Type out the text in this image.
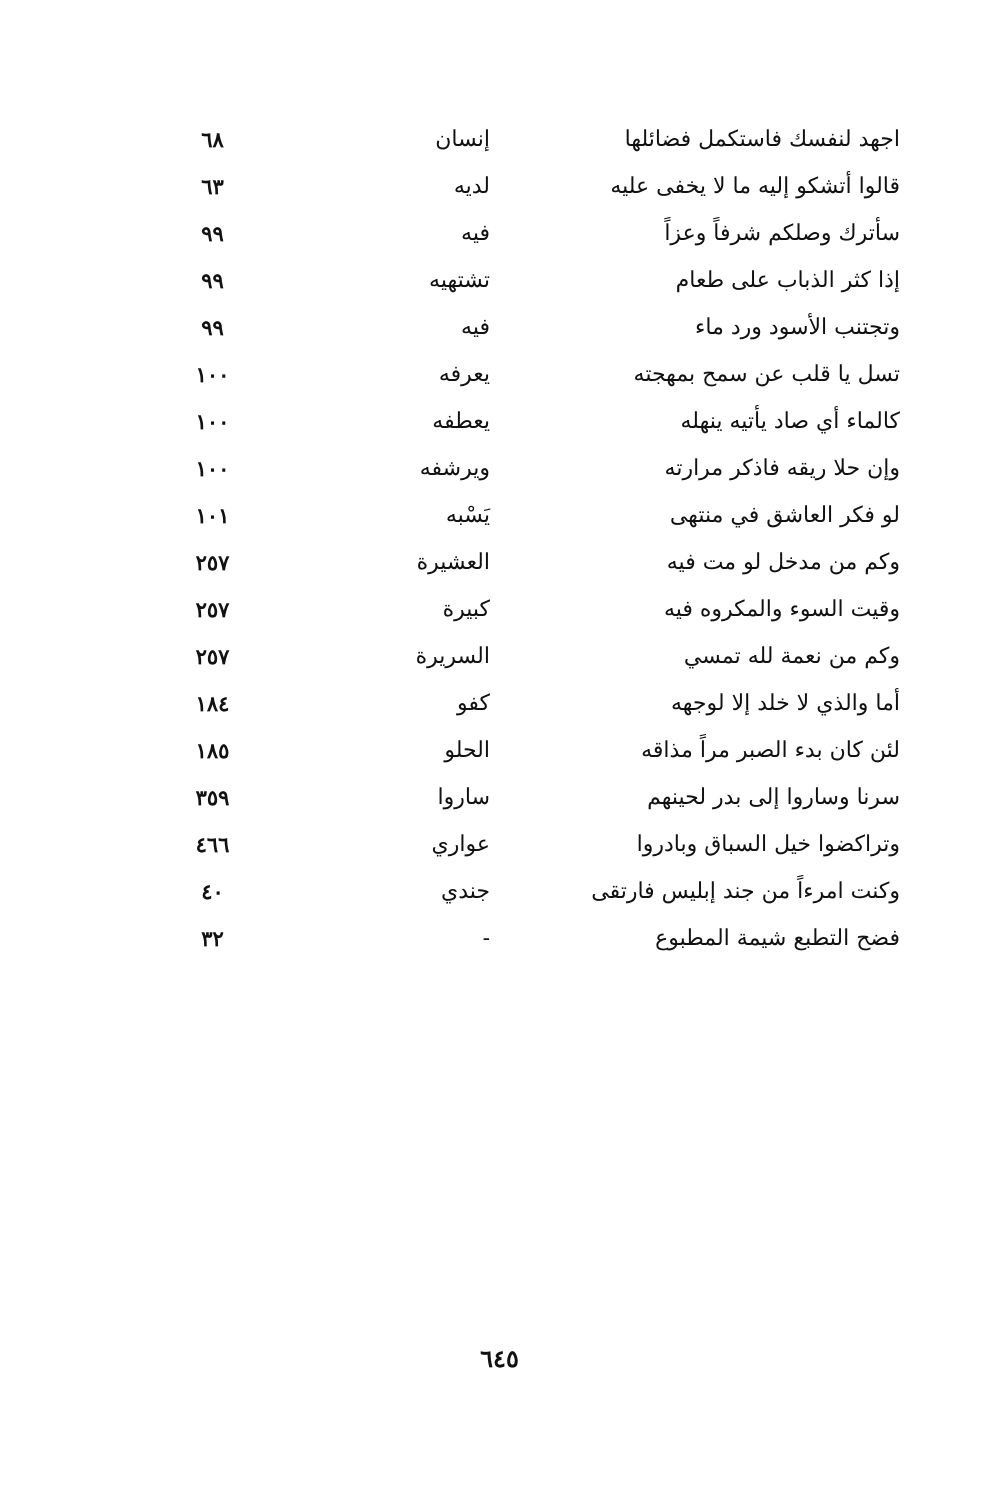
اجهد لنفسك فاستكمل فضائلها
إنسان
٦٨
قالوا أتشكو إليه ما لا يخفى عليه
لديه
٦٣
سأترك وصلكم شرفاً وعزاً
فيه
٩٩
إذا كثر الذباب على طعام
تشتهيه
٩٩
وتجتنب الأسود ورد ماء
فيه
٩٩
تسل يا قلب عن سمح بمهجته
يعرفه
١٠٠
كالماء أي صاد يأتيه ينهله
يعطفه
١٠٠
وإن حلا ريقه فاذكر مرارته
ويرشفه
١٠٠
لو فكر العاشق في منتهى
يَسْبه
١٠١
وكم من مدخل لو مت فيه
العشيرة
٢٥٧
وقيت السوء والمكروه فيه
كبيرة
٢٥٧
وكم من نعمة لله تمسي
السريرة
٢٥٧
أما والذي لا خلد إلا لوجهه
كفو
١٨٤
لئن كان بدء الصبر مراً مذاقه
الحلو
١٨٥
سرنا وساروا إلى بدر لحينهم
ساروا
٣٥٩
وتراكضوا خيل السباق وبادروا
عواري
٤٦٦
وكنت امرءاً من جند إبليس فارتقى
جندي
٤٠
فضح التطبع شيمة المطبوع
-
٣٢
٦٤٥
